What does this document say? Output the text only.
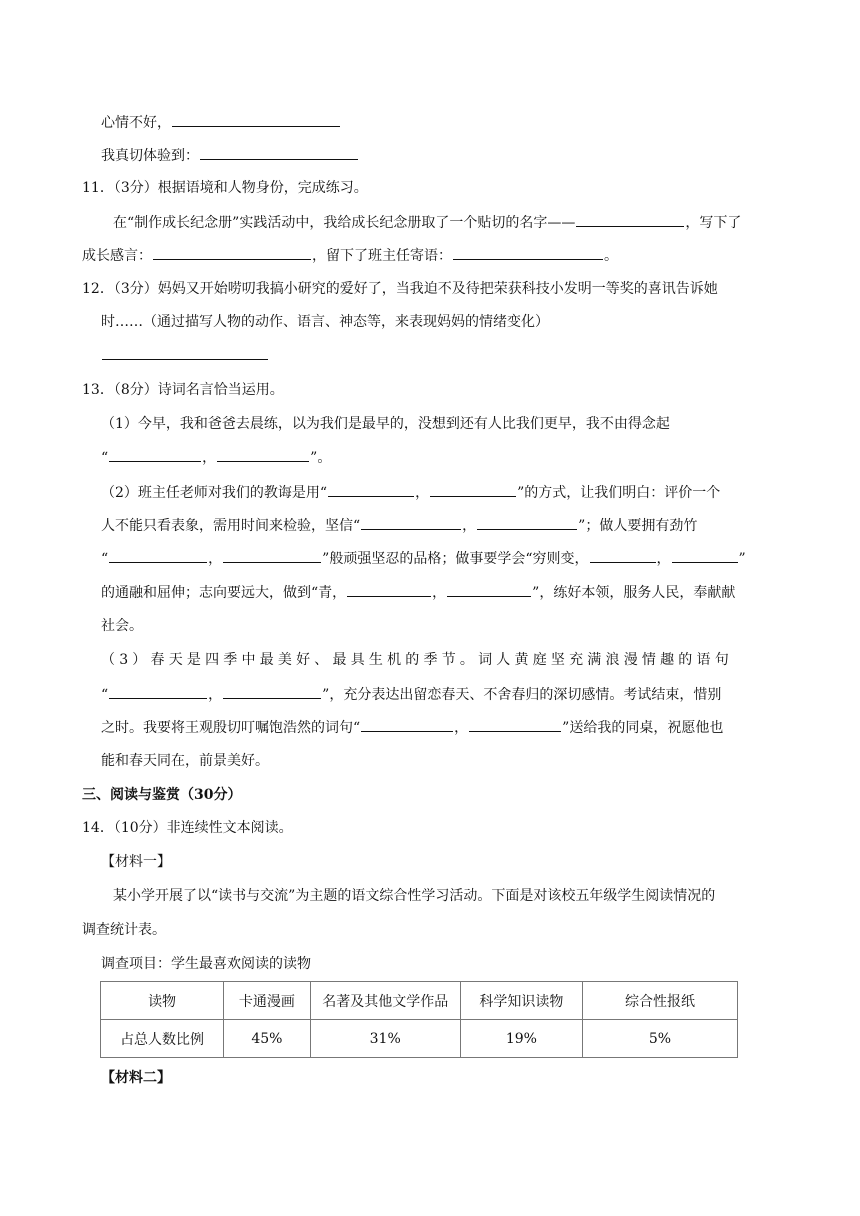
心情不好，
我真切体验到：
11．（3分）根据语境和人物身份，完成练习。
在“制作成长纪念册”实践活动中，我给成长纪念册取了一个贴切的名字——	，写下了
成长感言：	，留下了班主任寄语：	。
12．（3分）妈妈又开始唠叨我搞小研究的爱好了，当我迫不及待把荣获科技小发明一等奖的喜讯告诉她
时……（通过描写人物的动作、语言、神态等，来表现妈妈的情绪变化）
13．（8分）诗词名言恰当运用。
（1）今早，我和爸爸去晨练，以为我们是最早的，没想到还有人比我们更早，我不由得念起
“	，	”。
（2）班主任老师对我们的教诲是用“	，	”的方式，让我们明白：评价一个
人不能只看表象，需用时间来检验，坚信“	，	”；做人要拥有劲竹
“	，	”般顽强坚忍的品格；做事要学会“穷则变，	，	”
的通融和屈伸；志向要远大，做到“青，	，	”，练好本领，服务人民，奉献献
社会。
（3）春天是四季中最美好、最具生机的季节。词人黄庭坚充满浪漫情趣的语句
“	，	”，充分表达出留恋春天、不舍春归的深切感情。考试结束，惜别
之时。我要将王观殷切叮嘱饱浩然的词句“	，	”送给我的同桌，祝愿他也
能和春天同在，前景美好。
三、阅读与鉴赏（30分）
14．（10分）非连续性文本阅读。
【材料一】
某小学开展了以“读书与交流”为主题的语文综合性学习活动。下面是对该校五年级学生阅读情况的
调查统计表。
调查项目：学生最喜欢阅读的读物
读物	卡通漫画	名著及其他文学作品	科学知识读物	综合性报纸
占总人数比例	45%	31%	19%	5%
【材料二】
